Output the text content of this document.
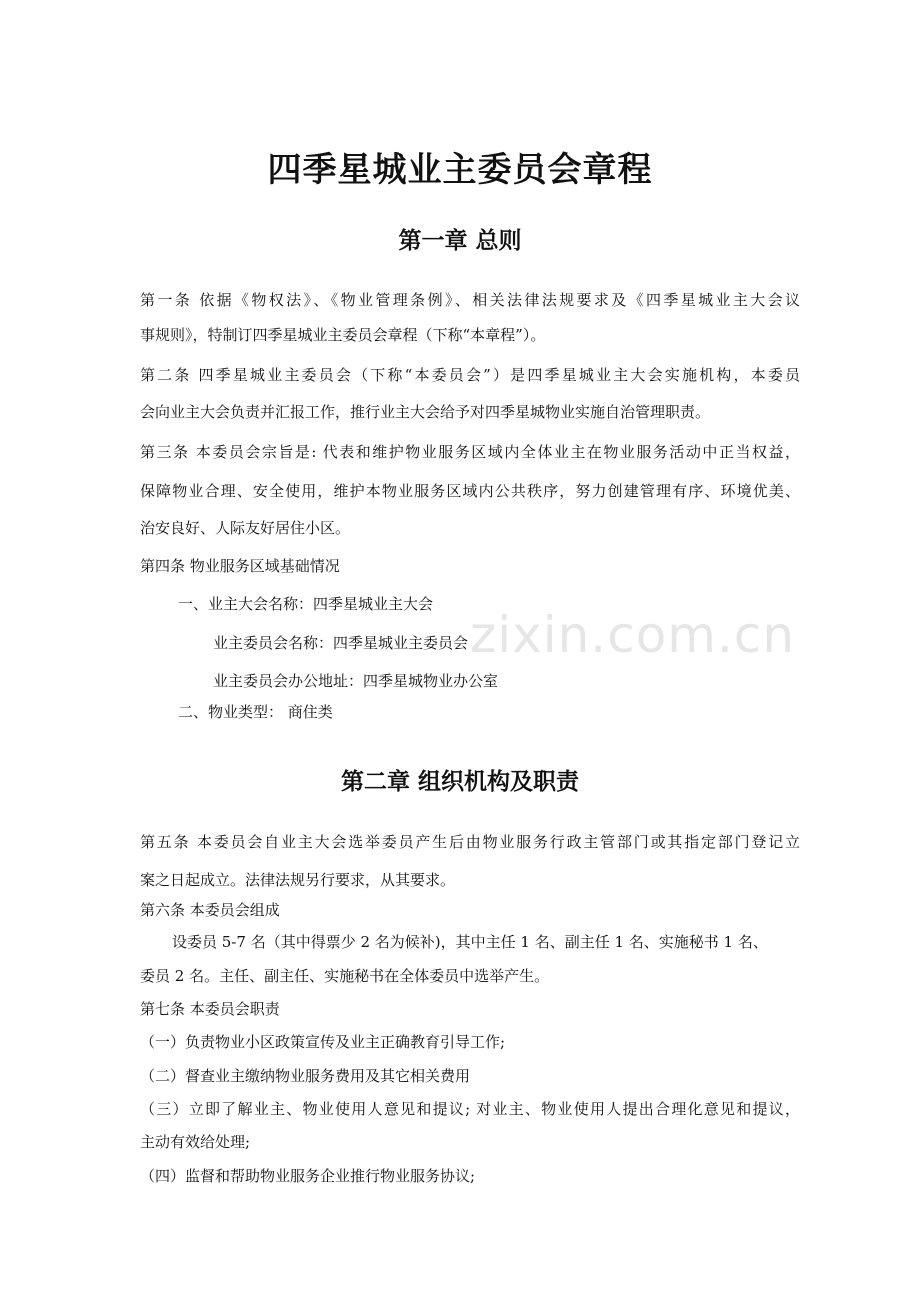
zixin.com.cn
四季星城业主委员会章程
第一章 总则
第一条 依据《物权法》、《物业管理条例》、相关法律法规要求及《四季星城业主大会议
事规则》，特制订四季星城业主委员会章程（下称“本章程”）。
第二条 四季星城业主委员会（下称“本委员会”）是四季星城业主大会实施机构，本委员
会向业主大会负责并汇报工作，推行业主大会给予对四季星城物业实施自治管理职责。
第三条 本委员会宗旨是: 代表和维护物业服务区域内全体业主在物业服务活动中正当权益，
保障物业合理、安全使用，维护本物业服务区域内公共秩序，努力创建管理有序、环境优美、
治安良好、人际友好居住小区。
第四条 物业服务区域基础情况
一、业主大会名称：四季星城业主大会
业主委员会名称：四季星城业主委员会
业主委员会办公地址：四季星城物业办公室
二、物业类型： 商住类
第二章 组织机构及职责
第五条 本委员会自业主大会选举委员产生后由物业服务行政主管部门或其指定部门登记立
案之日起成立。法律法规另行要求，从其要求。
第六条 本委员会组成
设委员 5-7 名（其中得票少 2 名为候补)，其中主任 1 名、副主任 1 名、实施秘书 1 名、
委员 2 名。主任、副主任、实施秘书在全体委员中选举产生。
第七条 本委员会职责
（一）负责物业小区政策宣传及业主正确教育引导工作;
（二）督查业主缴纳物业服务费用及其它相关费用
（三）立即了解业主、物业使用人意见和提议; 对业主、物业使用人提出合理化意见和提议，
主动有效给处理;
（四）监督和帮助物业服务企业推行物业服务协议;
